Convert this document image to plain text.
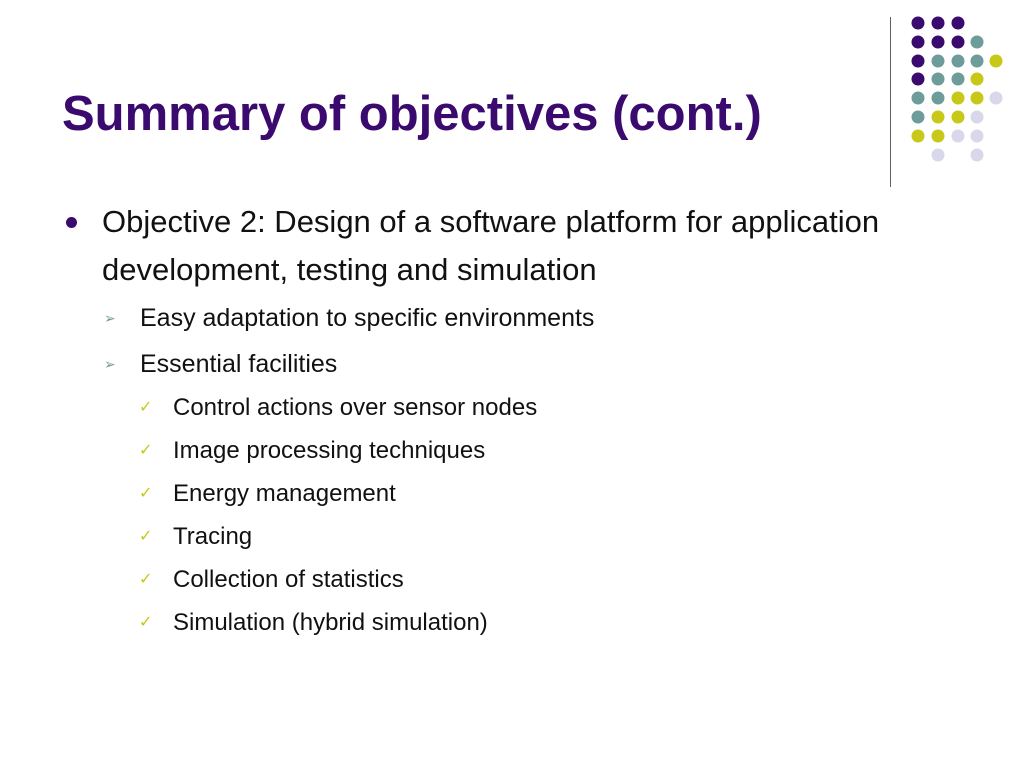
Summary of objectives (cont.)
Objective 2: Design of a software platform for application development, testing and simulation
➢ Easy adaptation to specific environments
➢ Essential facilities
✓ Control actions over sensor nodes
✓ Image processing techniques
✓ Energy management
✓ Tracing
✓ Collection of statistics
✓ Simulation (hybrid simulation)
